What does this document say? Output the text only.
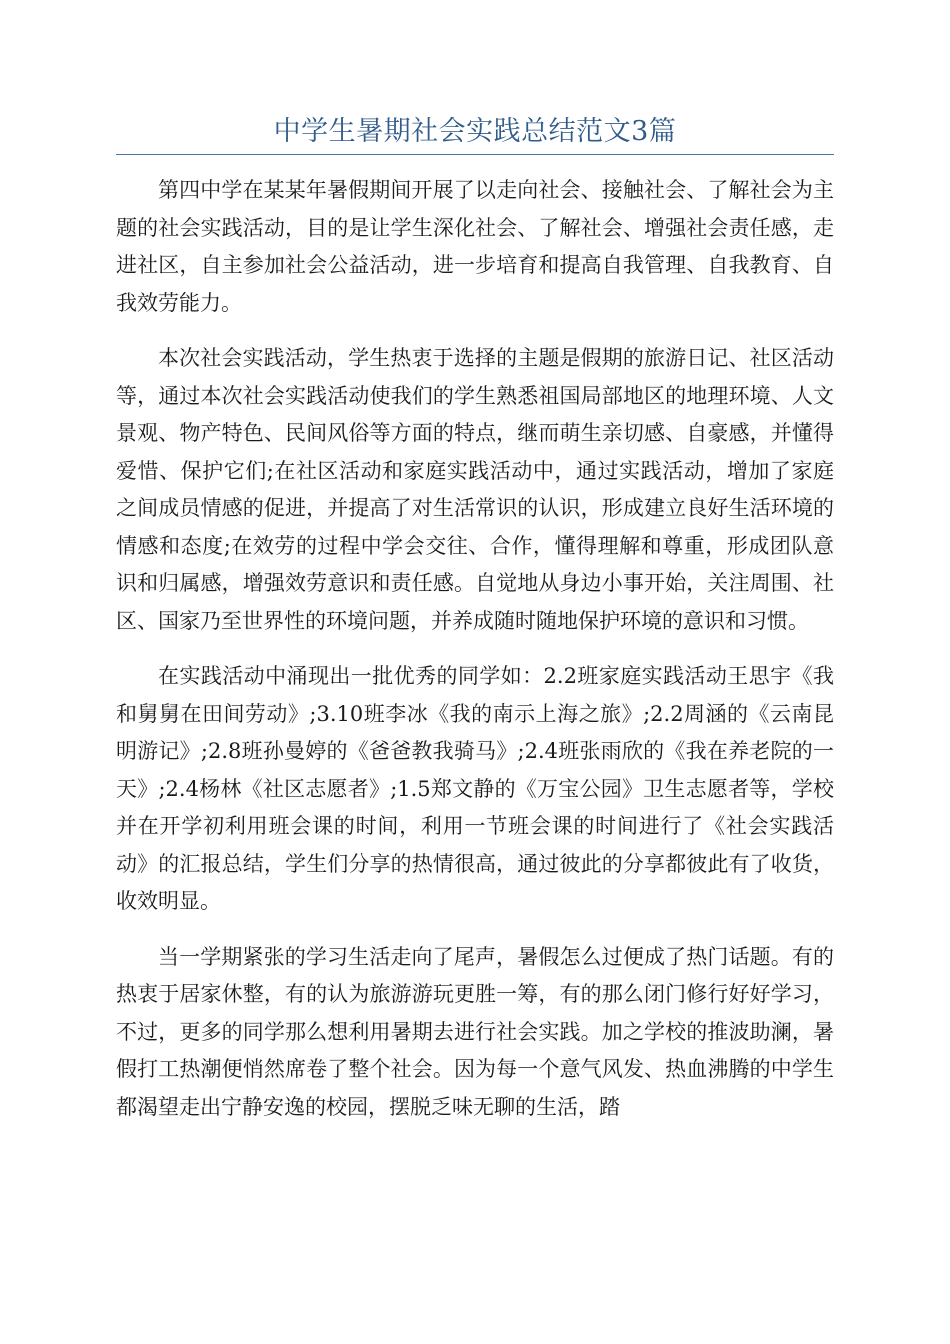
中学生暑期社会实践总结范文3篇

第四中学在某某年暑假期间开展了以走向社会、接触社会、了解社会为主题的社会实践活动，目的是让学生深化社会、了解社会、增强社会责任感，走进社区，自主参加社会公益活动，进一步培育和提高自我管理、自我教育、自我效劳能力。

本次社会实践活动，学生热衷于选择的主题是假期的旅游日记、社区活动等，通过本次社会实践活动使我们的学生熟悉祖国局部地区的地理环境、人文景观、物产特色、民间风俗等方面的特点，继而萌生亲切感、自豪感，并懂得爱惜、保护它们;在社区活动和家庭实践活动中，通过实践活动，增加了家庭之间成员情感的促进，并提高了对生活常识的认识，形成建立良好生活环境的情感和态度;在效劳的过程中学会交往、合作，懂得理解和尊重，形成团队意识和归属感，增强效劳意识和责任感。自觉地从身边小事开始，关注周围、社区、国家乃至世界性的环境问题，并养成随时随地保护环境的意识和习惯。

在实践活动中涌现出一批优秀的同学如：2.2班家庭实践活动王思宇《我和舅舅在田间劳动》;3.10班李冰《我的南示上海之旅》;2.2周涵的《云南昆明游记》;2.8班孙曼婷的《爸爸教我骑马》;2.4班张雨欣的《我在养老院的一天》;2.4杨林《社区志愿者》;1.5郑文静的《万宝公园》卫生志愿者等，学校并在开学初利用班会课的时间，利用一节班会课的时间进行了《社会实践活动》的汇报总结，学生们分享的热情很高，通过彼此的分享都彼此有了收货，收效明显。

当一学期紧张的学习生活走向了尾声，暑假怎么过便成了热门话题。有的热衷于居家休整，有的认为旅游游玩更胜一筹，有的那么闭门修行好好学习，不过，更多的同学那么想利用暑期去进行社会实践。加之学校的推波助澜，暑假打工热潮便悄然席卷了整个社会。因为每一个意气风发、热血沸腾的中学生都渴望走出宁静安逸的校园，摆脱乏味无聊的生活，踏
